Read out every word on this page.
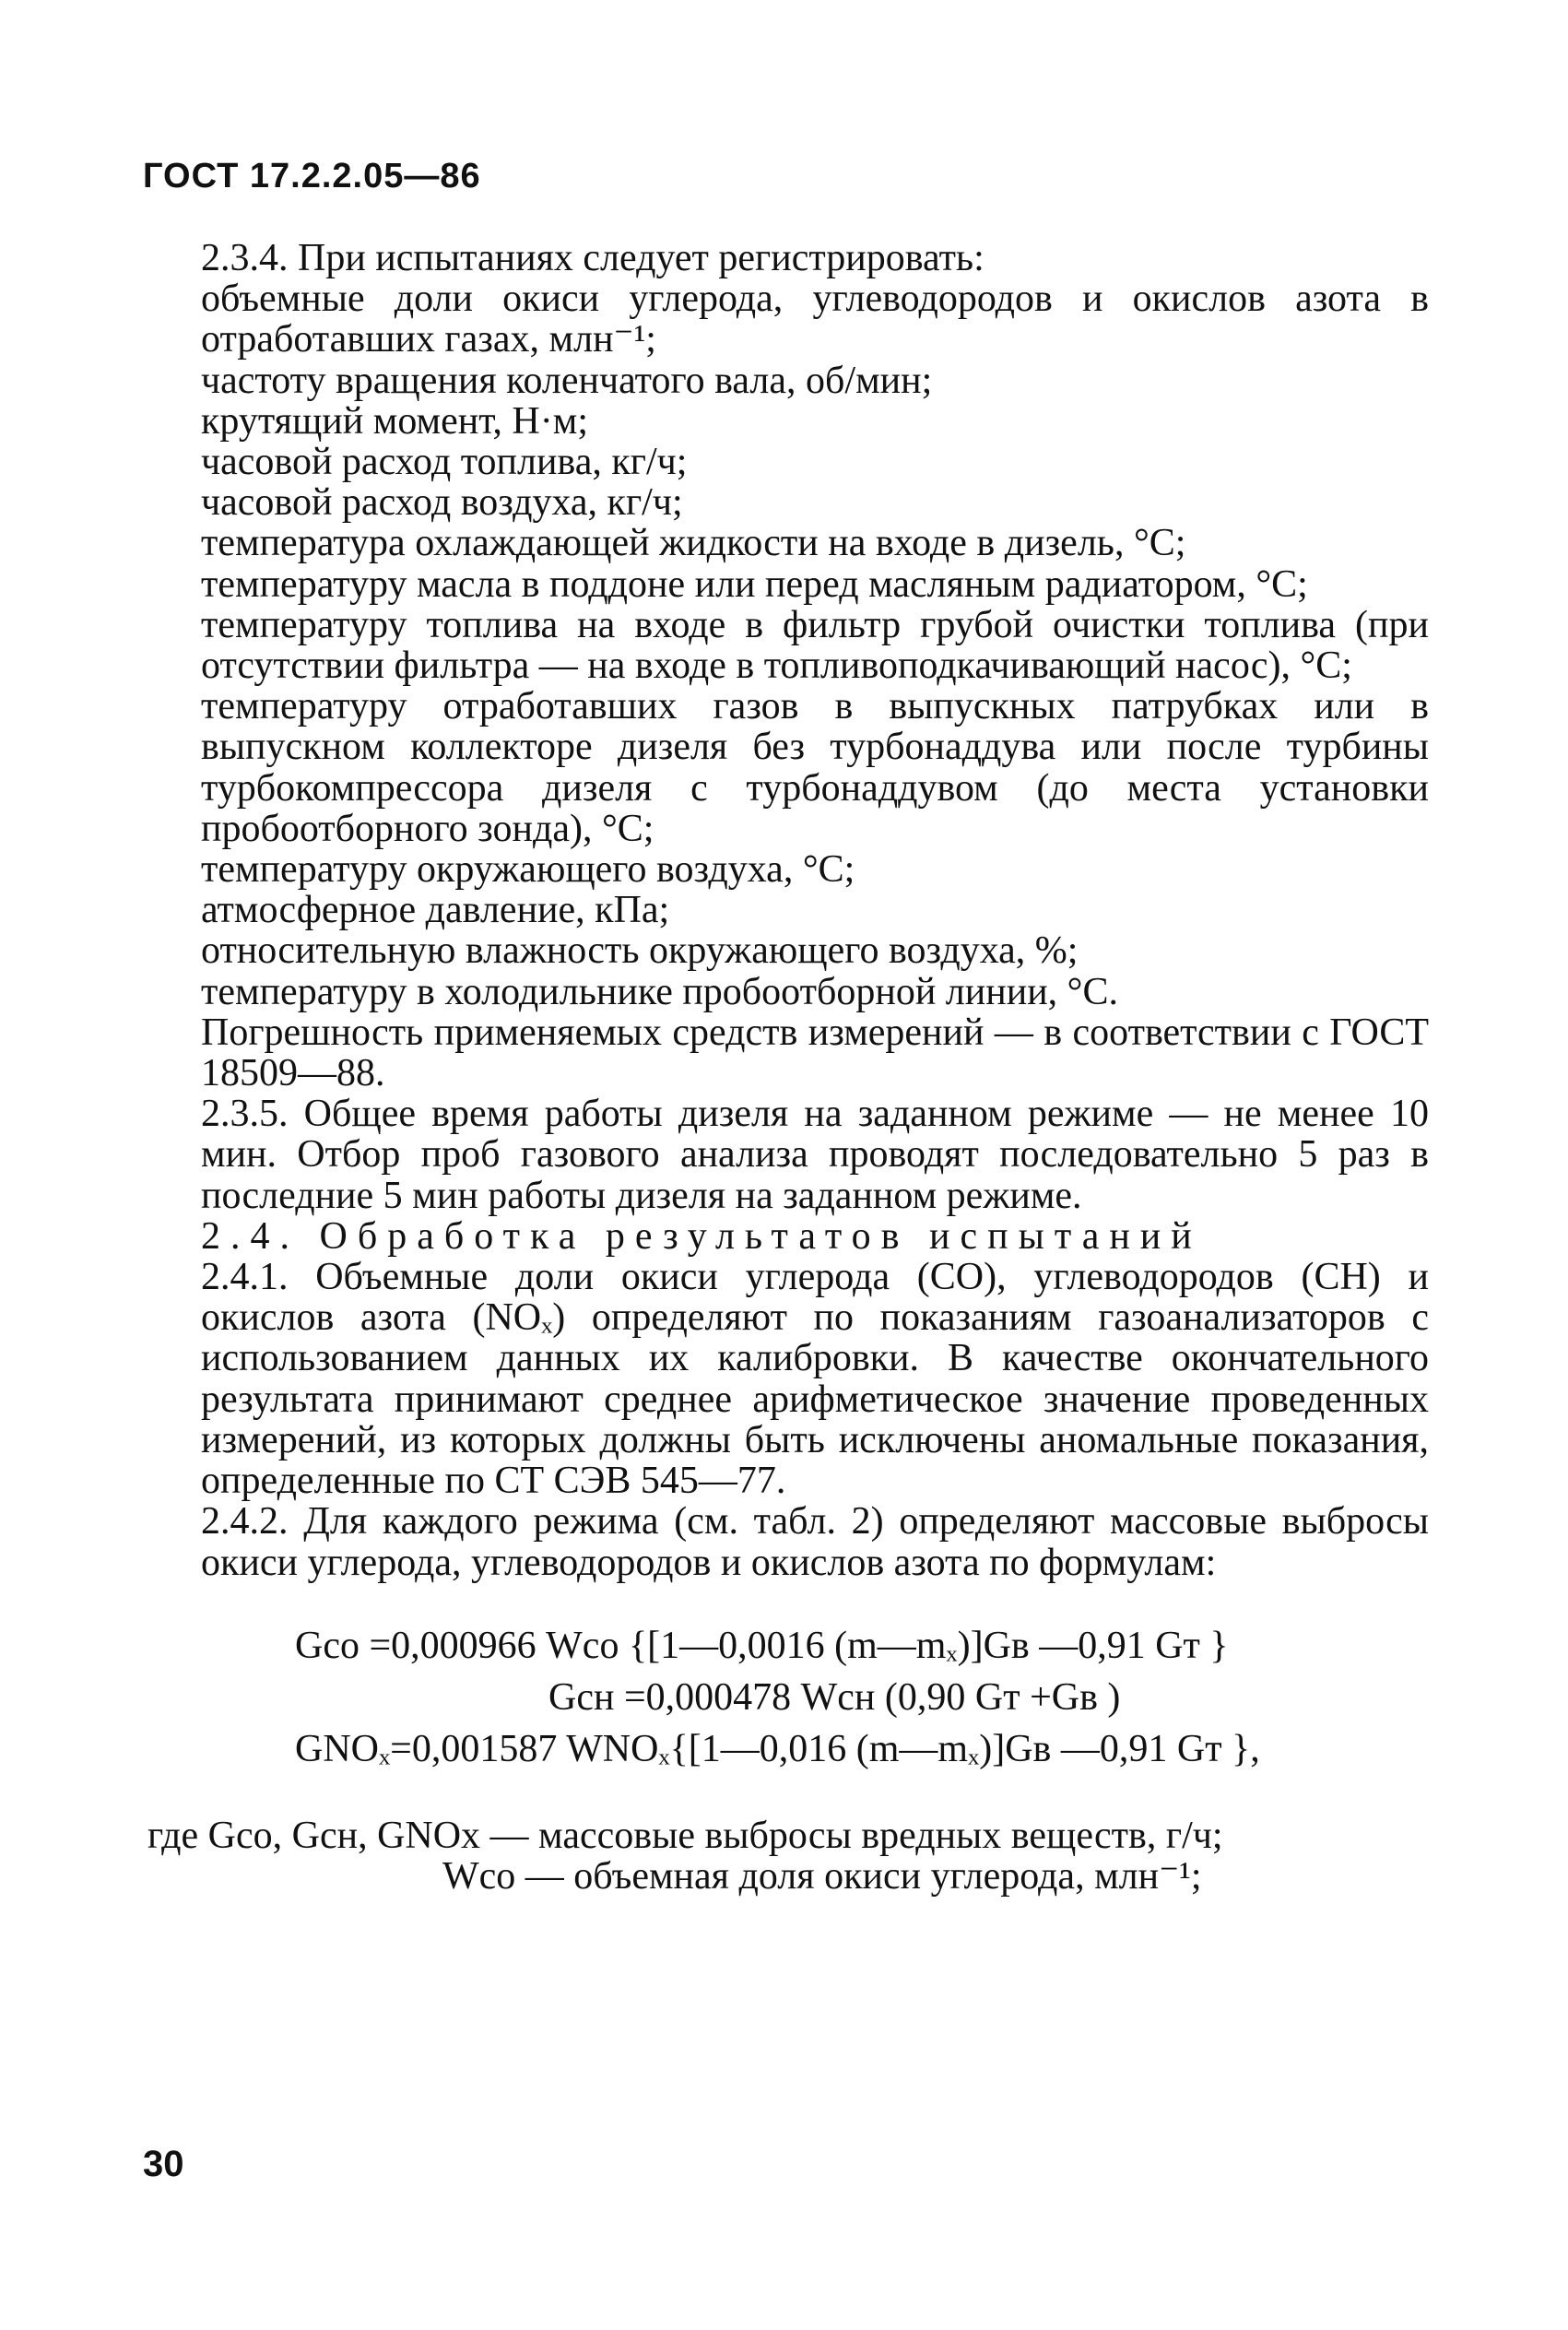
ГОСТ 17.2.2.05—86
2.3.4. При испытаниях следует регистрировать:
объемные доли окиси углерода, углеводородов и окислов азота в отработавших газах, млн⁻¹;
частоту вращения коленчатого вала, об/мин;
крутящий момент, Н·м;
часовой расход топлива, кг/ч;
часовой расход воздуха, кг/ч;
температура охлаждающей жидкости на входе в дизель, °С;
температуру масла в поддоне или перед масляным радиатором, °С;
температуру топлива на входе в фильтр грубой очистки топлива (при отсутствии фильтра — на входе в топливоподкачивающий насос), °С;
температуру отработавших газов в выпускных патрубках или в выпускном коллекторе дизеля без турбонаддува или после турбины турбокомпрессора дизеля с турбонаддувом (до места установки пробоотборного зонда), °С;
температуру окружающего воздуха, °С;
атмосферное давление, кПа;
относительную влажность окружающего воздуха, %;
температуру в холодильнике пробоотборной линии, °С.
Погрешность применяемых средств измерений — в соответствии с ГОСТ 18509—88.
2.3.5. Общее время работы дизеля на заданном режиме — не менее 10 мин. Отбор проб газового анализа проводят последовательно 5 раз в последние 5 мин работы дизеля на заданном режиме.
2.4. Обработка результатов испытаний
2.4.1. Объемные доли окиси углерода (CO), углеводородов (CH) и окислов азота (NOₓ) определяют по показаниям газоанализаторов с использованием данных их калибровки. В качестве окончательного результата принимают среднее арифметическое значение проведенных измерений, из которых должны быть исключены аномальные показания, определенные по СТ СЭВ 545—77.
2.4.2. Для каждого режима (см. табл. 2) определяют массовые выбросы окиси углерода, углеводородов и окислов азота по формулам:
Gсо =0,000966 Wсо {[1—0,0016 (m—mₓ)]Gв —0,91 Gт }
Gсн =0,000478 Wсн (0,90 Gт +Gв )
GNOₓ=0,001587 WNOₓ{[1—0,016 (m—mₓ)]Gв —0,91 Gт },
где Gсо, Gсн, GNOx — массовые выбросы вредных веществ, г/ч;
Wсо — объемная доля окиси углерода, млн⁻¹;
30
